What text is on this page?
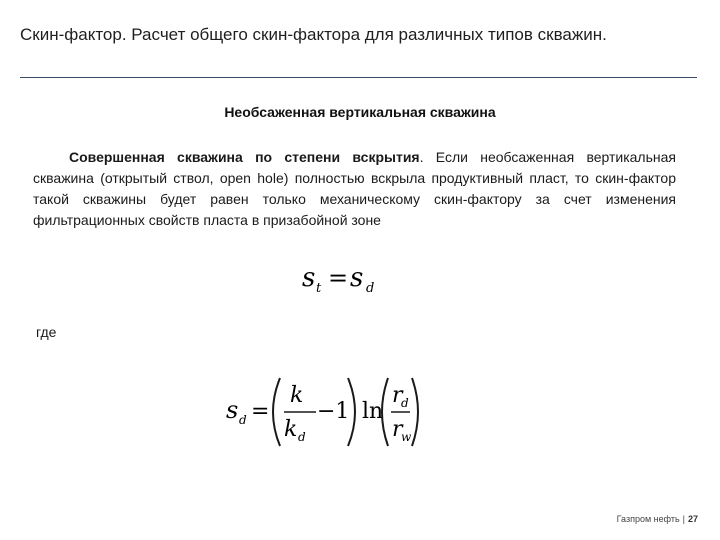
Скин-фактор. Расчет общего скин-фактора для различных типов скважин.
Необсаженная вертикальная скважина
Совершенная скважина по степени вскрытия. Если необсаженная вертикальная скважина (открытый ствол, open hole) полностью вскрыла продуктивный пласт, то скин-фактор такой скважины будет равен только механическому скин-фактору за счет изменения фильтрационных свойств пласта в призабойной зоне
s t = s d
где
s d =
k
k d
−1 ln
r
d
r
w
Газпром нефть | 27
